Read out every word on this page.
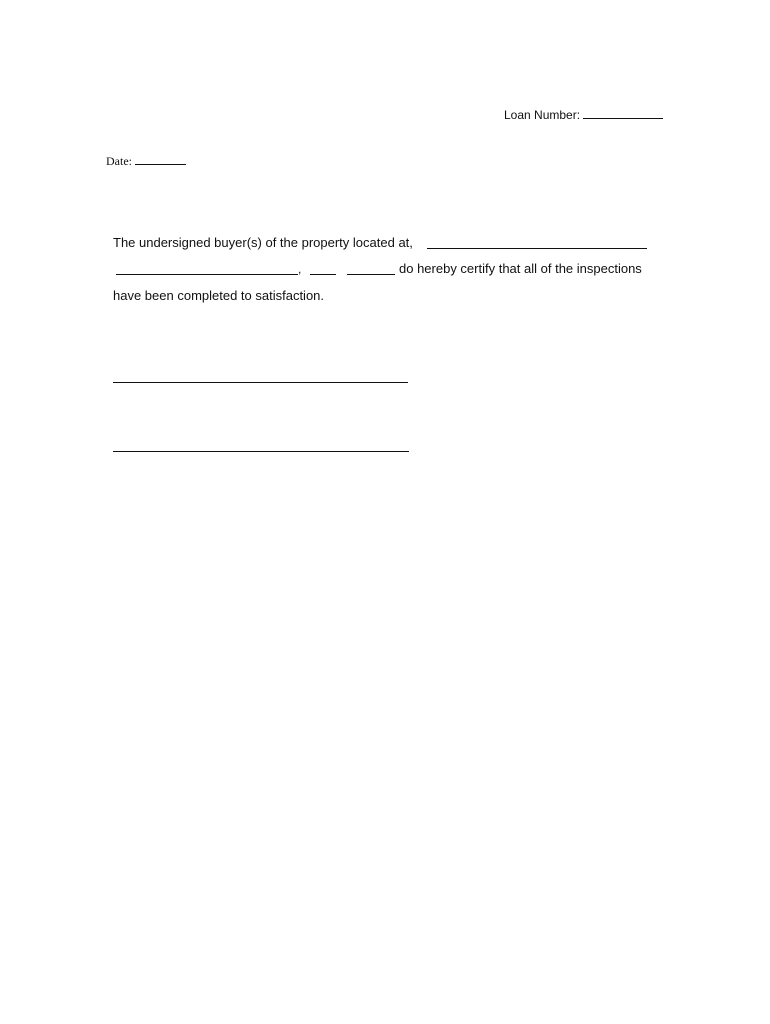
Loan Number:
Date:
The undersigned buyer(s) of the property located at,
,	do hereby certify that all of the inspections
have been completed to satisfaction.
